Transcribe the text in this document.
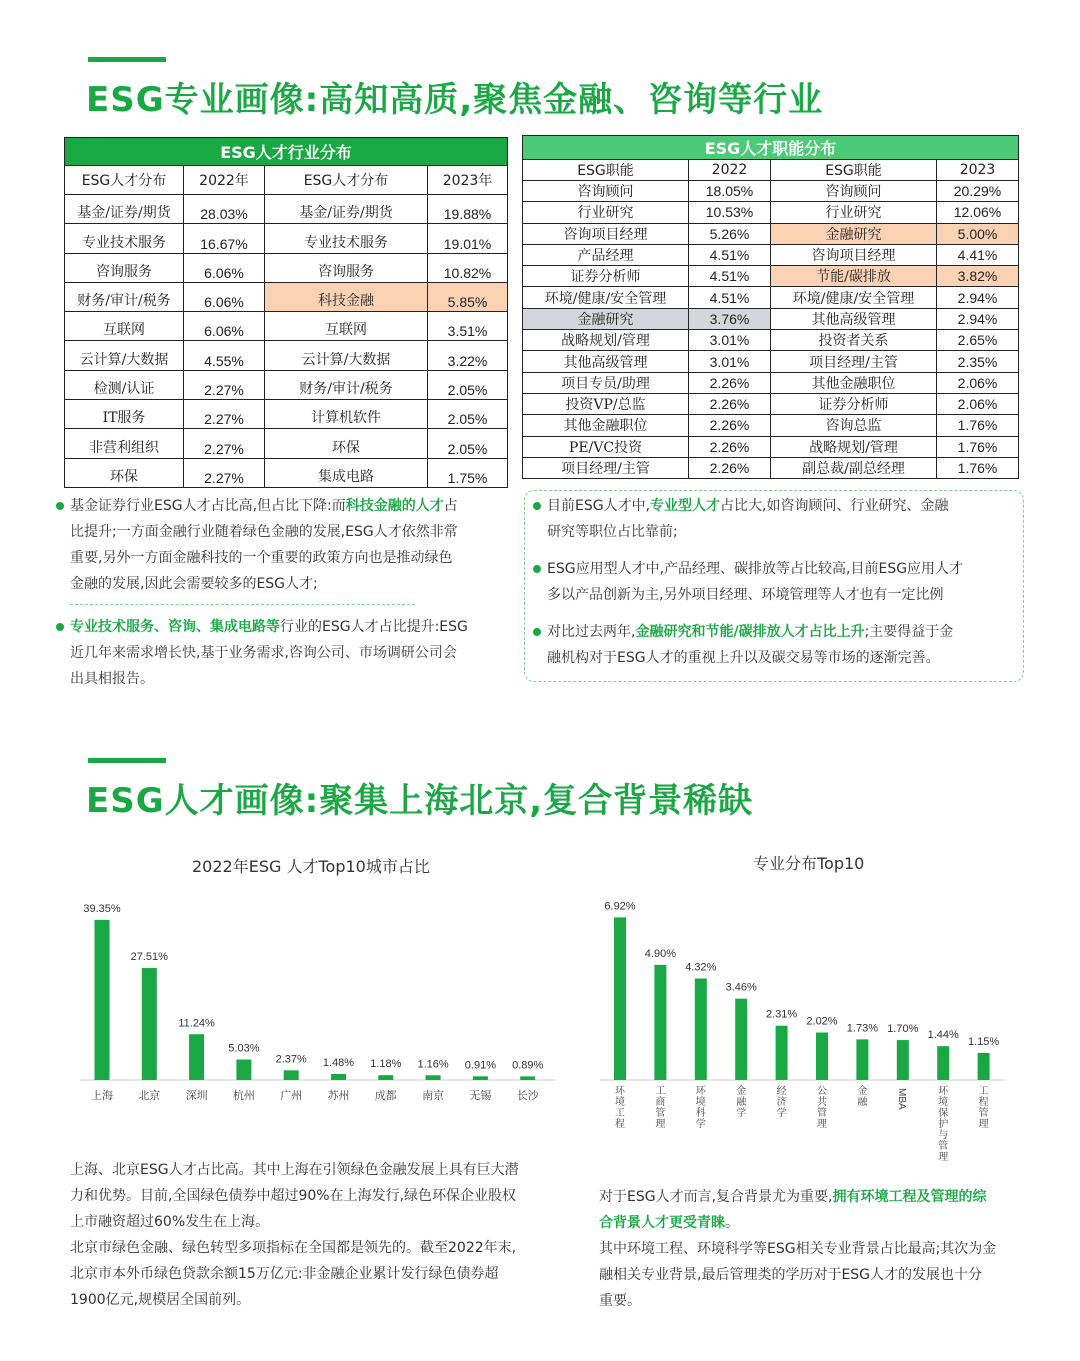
ESG专业画像:高知高质,聚焦金融、咨询等行业
ESG人才行业分布			
ESG人才分布	2022年	ESG人才分布	2023年
基金/证券/期货	28.03%	基金/证券/期货	19.88%
专业技术服务	16.67%	专业技术服务	19.01%
咨询服务	6.06%	咨询服务	10.82%
财务/审计/税务	6.06%	科技金融	5.85%
互联网	6.06%	互联网	3.51%
云计算/大数据	4.55%	云计算/大数据	3.22%
检测/认证	2.27%	财务/审计/税务	2.05%
IT服务	2.27%	计算机软件	2.05%
非营利组织	2.27%	环保	2.05%
环保	2.27%	集成电路	1.75%
ESG人才职能分布			
ESG职能	2022	ESG职能	2023
咨询顾问	18.05%	咨询顾问	20.29%
行业研究	10.53%	行业研究	12.06%
咨询项目经理	5.26%	金融研究	5.00%
产品经理	4.51%	咨询项目经理	4.41%
证券分析师	4.51%	节能/碳排放	3.82%
环境/健康/安全管理	4.51%	环境/健康/安全管理	2.94%
金融研究	3.76%	其他高级管理	2.94%
战略规划/管理	3.01%	投资者关系	2.65%
其他高级管理	3.01%	项目经理/主管	2.35%
项目专员/助理	2.26%	其他金融职位	2.06%
投资VP/总监	2.26%	证券分析师	2.06%
其他金融职位	2.26%	咨询总监	1.76%
PE/VC投资	2.26%	战略规划/管理	1.76%
项目经理/主管	2.26%	副总裁/副总经理	1.76%
基金证券行业ESG人才占比高,但占比下降:而科技金融的人才占
比提升;一方面金融行业随着绿色金融的发展,ESG人才依然非常
重要,另外一方面金融科技的一个重要的政策方向也是推动绿色
金融的发展,因此会需要较多的ESG人才;
专业技术服务、咨询、集成电路等行业的ESG人才占比提升:ESG
近几年来需求增长快,基于业务需求,咨询公司、市场调研公司会
出具相报告。
目前ESG人才中,专业型人才占比大,如咨询顾问、行业研究、金融
研究等职位占比靠前;
ESG应用型人才中,产品经理、碳排放等占比较高,目前ESG应用人才
多以产品创新为主,另外项目经理、环境管理等人才也有一定比例
对比过去两年,金融研究和节能/碳排放人才占比上升;主要得益于金
融机构对于ESG人才的重视上升以及碳交易等市场的逐渐完善。
ESG人才画像:聚集上海北京,复合背景稀缺
2022年ESG 人才Top10城市占比	专业分布Top10
39.35%
上海
27.51%
北京
11.24%
深圳
5.03%
杭州
2.37%
广州
1.48%
苏州
1.18%
成都
1.16%
南京
0.91%
无锡
0.89%
长沙
6.92%
环境工程
4.90%
工商管理
4.32%
环境科学
3.46%
金融学
2.31%
经济学
2.02%
公共管理
1.73%
金融
1.70%
MBA
1.44%
环境保护与管理
1.15%
工程管理
上海、北京ESG人才占比高。其中上海在引领绿色金融发展上具有巨大潜
力和优势。目前,全国绿色债券中超过90%在上海发行,绿色环保企业股权
上市融资超过60%发生在上海。
北京市绿色金融、绿色转型多项指标在全国都是领先的。截至2022年末,
北京市本外币绿色贷款余额15万亿元:非金融企业累计发行绿色债券超
1900亿元,规模居全国前列。
对于ESG人才而言,复合背景尤为重要,拥有环境工程及管理的综
合背景人才更受青睐。
其中环境工程、环境科学等ESG相关专业背景占比最高;其次为金
融相关专业背景,最后管理类的学历对于ESG人才的发展也十分
重要。
